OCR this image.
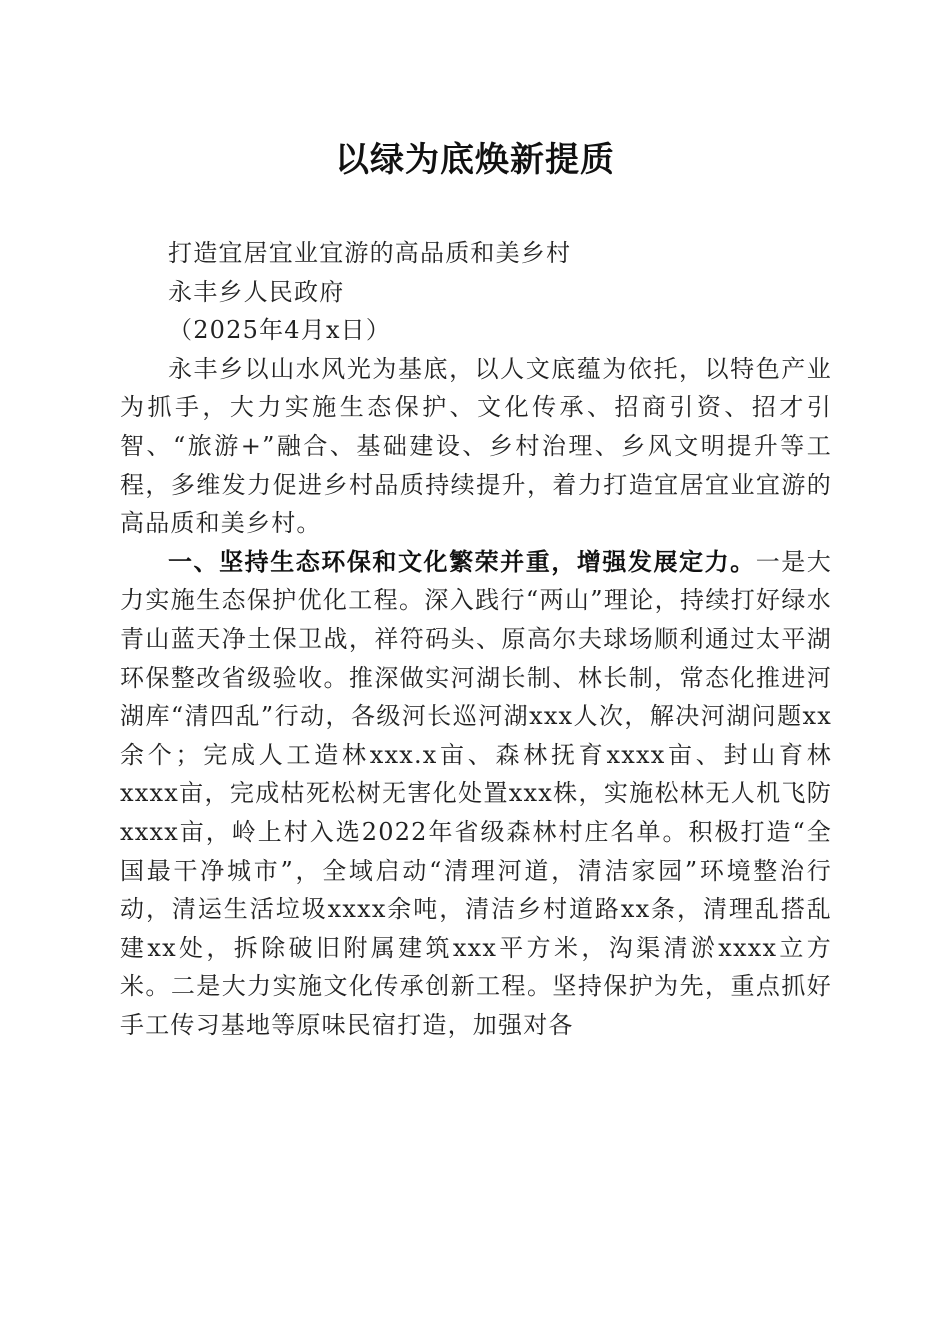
以绿为底焕新提质

打造宜居宜业宜游的高品质和美乡村

永丰乡人民政府

（2025年4月x日）

永丰乡以山水风光为基底，以人文底蕴为依托，以特色产业为抓手，大力实施生态保护、文化传承、招商引资、招才引智、“旅游+”融合、基础建设、乡村治理、乡风文明提升等工程，多维发力促进乡村品质持续提升，着力打造宜居宜业宜游的高品质和美乡村。

一、坚持生态环保和文化繁荣并重，增强发展定力。一是大力实施生态保护优化工程。深入践行“两山”理论，持续打好绿水青山蓝天净土保卫战，祥符码头、原高尔夫球场顺利通过太平湖环保整改省级验收。推深做实河湖长制、林长制，常态化推进河湖库“清四乱”行动，各级河长巡河湖xxx人次，解决河湖问题xx余个；完成人工造林xxx.x亩、森林抚育xxxx亩、封山育林xxxx亩，完成枯死松树无害化处置xxx株，实施松林无人机飞防xxxx亩，岭上村入选2022年省级森林村庄名单。积极打造“全国最干净城市”，全域启动“清理河道，清洁家园”环境整治行动，清运生活垃圾xxxx余吨，清洁乡村道路xx条，清理乱搭乱建xx处，拆除破旧附属建筑xxx平方米，沟渠清淤xxxx立方米。二是大力实施文化传承创新工程。坚持保护为先，重点抓好手工传习基地等原味民宿打造，加强对各
